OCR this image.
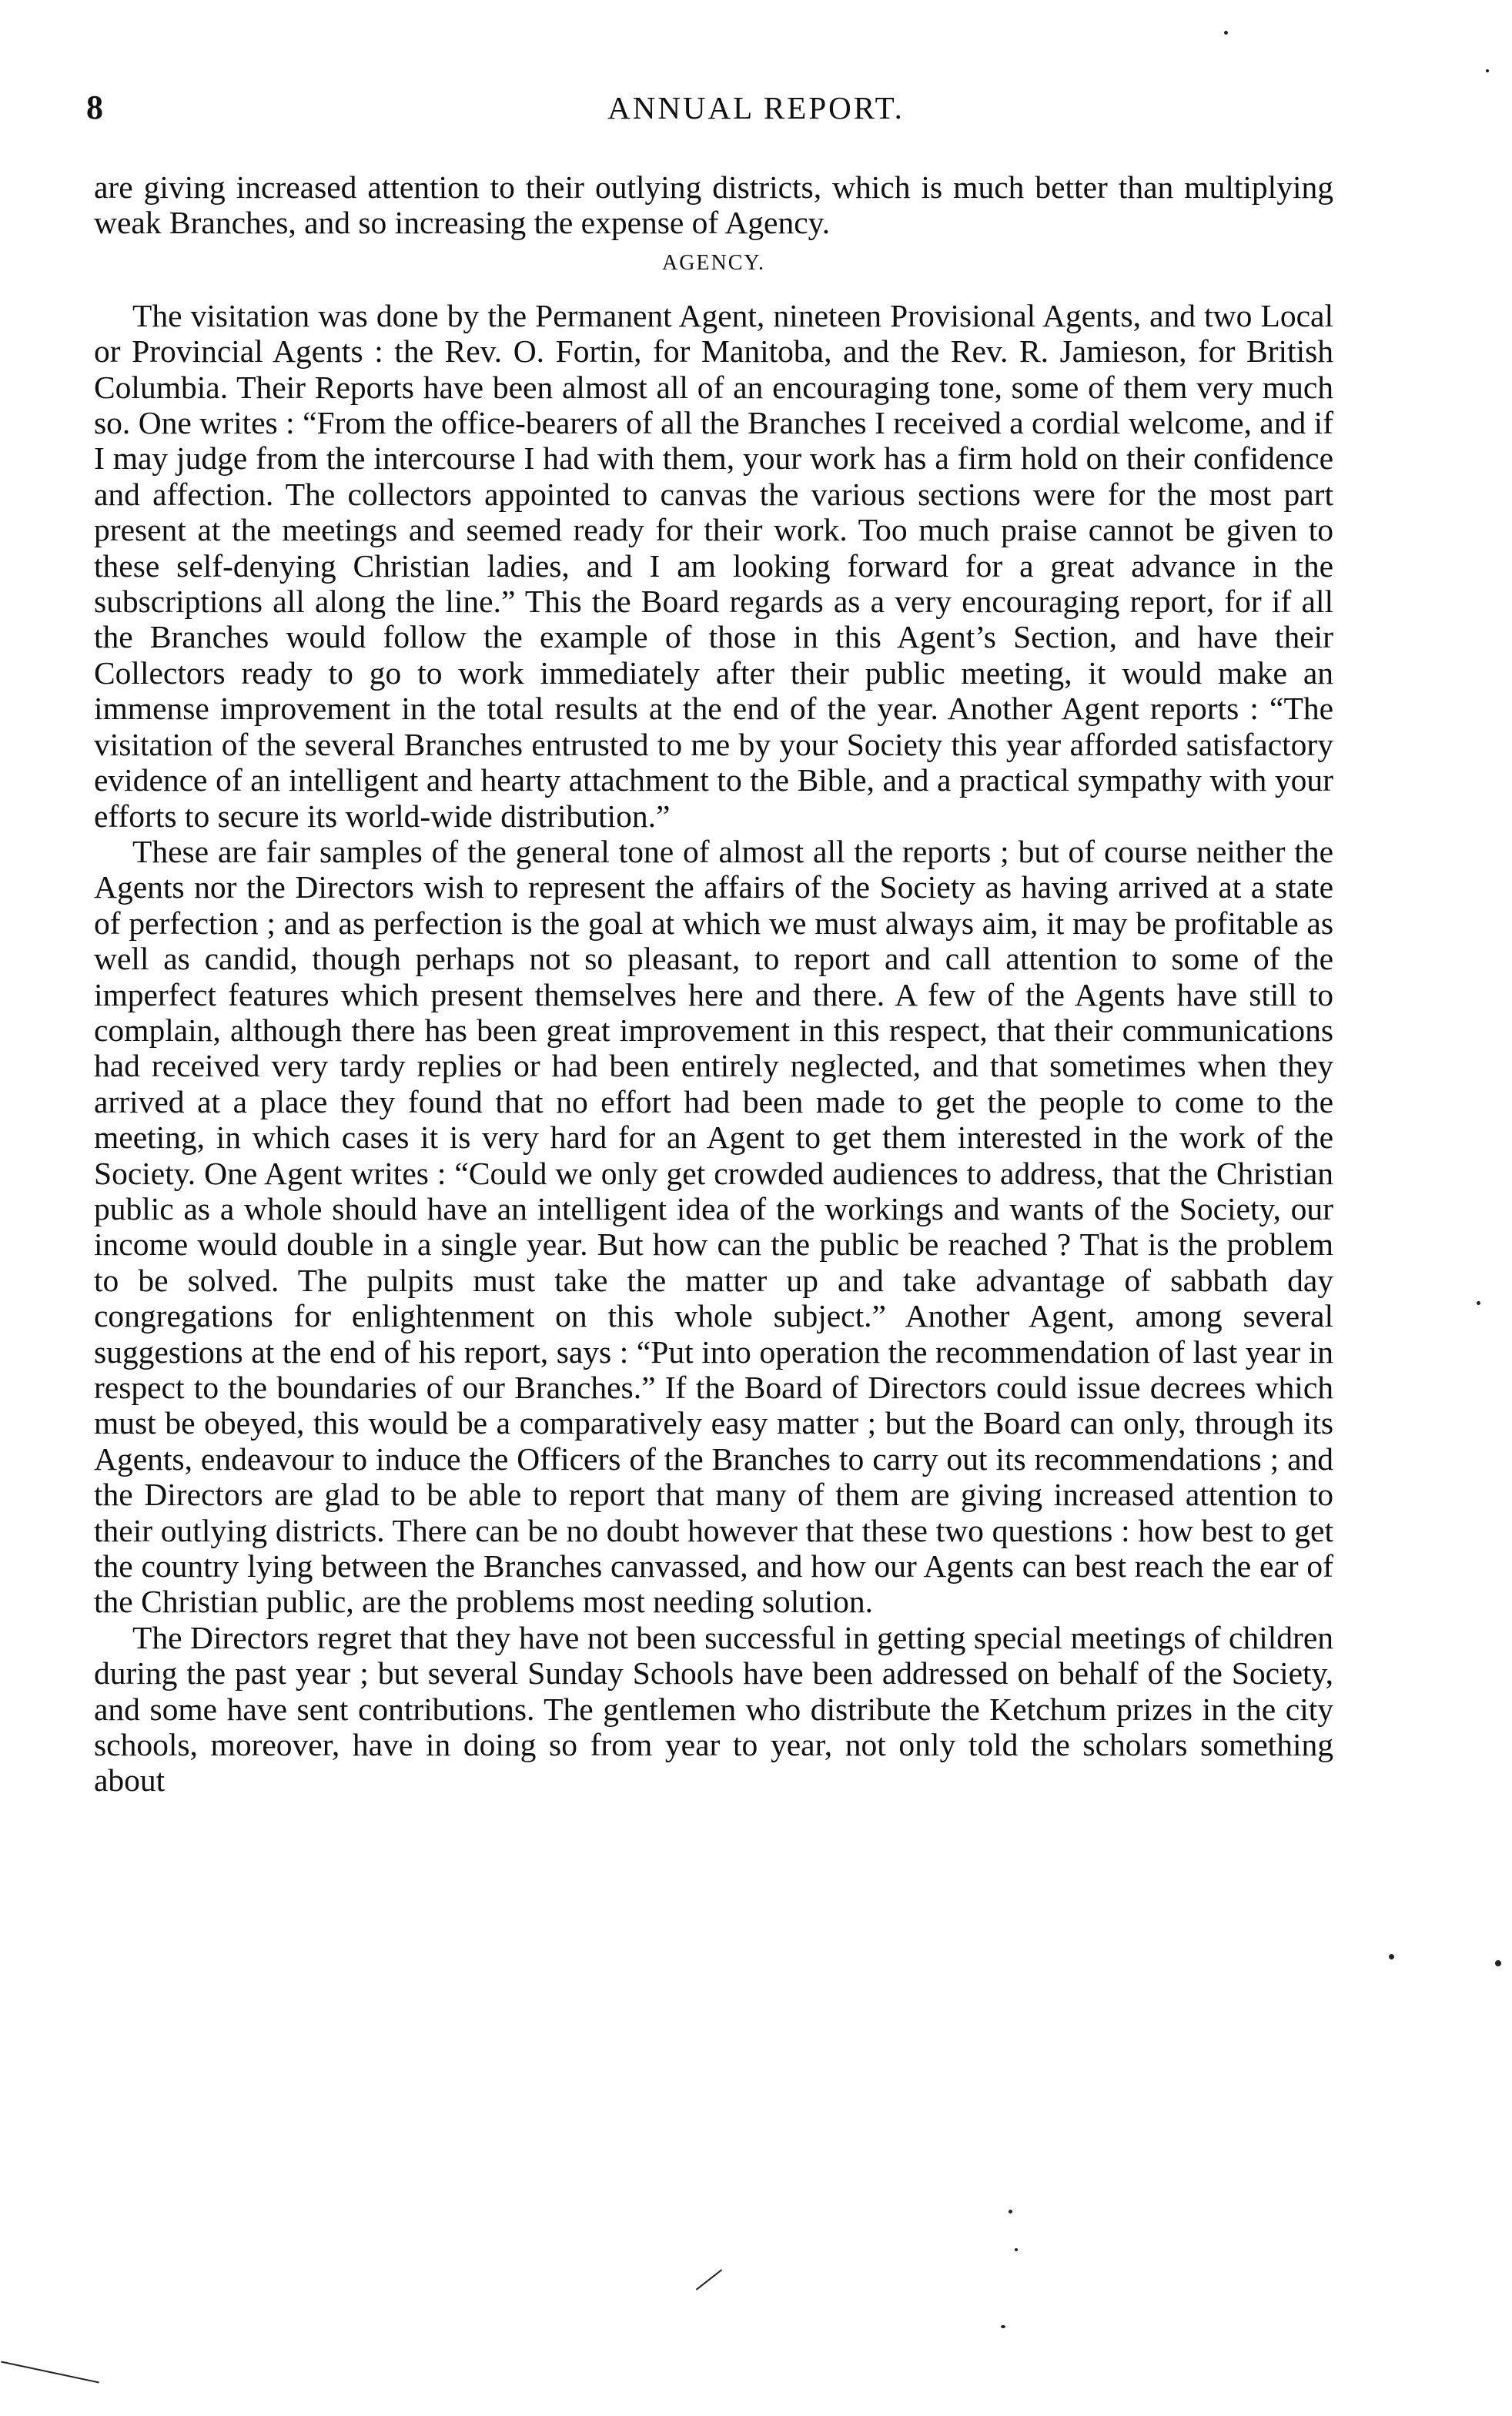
8	ANNUAL REPORT.

are giving increased attention to their outlying districts, which is much better than multiplying weak Branches, and so increasing the expense of Agency.

AGENCY.

The visitation was done by the Permanent Agent, nineteen Provisional Agents, and two Local or Provincial Agents : the Rev. O. Fortin, for Manitoba, and the Rev. R. Jamieson, for British Columbia. Their Reports have been almost all of an encouraging tone, some of them very much so. One writes : “From the office-bearers of all the Branches I received a cordial welcome, and if I may judge from the intercourse I had with them, your work has a firm hold on their confidence and affection. The collectors appointed to canvas the various sections were for the most part present at the meetings and seemed ready for their work. Too much praise cannot be given to these self-denying Christian ladies, and I am looking forward for a great advance in the subscriptions all along the line.” This the Board regards as a very encouraging report, for if all the Branches would follow the example of those in this Agent’s Section, and have their Collectors ready to go to work immediately after their public meeting, it would make an immense improvement in the total results at the end of the year. Another Agent reports : “The visitation of the several Branches entrusted to me by your Society this year afforded satisfactory evidence of an intelligent and hearty attachment to the Bible, and a practical sympathy with your efforts to secure its world-wide distribution.”

These are fair samples of the general tone of almost all the reports ; but of course neither the Agents nor the Directors wish to represent the affairs of the Society as having arrived at a state of perfection ; and as perfection is the goal at which we must always aim, it may be profitable as well as candid, though perhaps not so pleasant, to report and call attention to some of the imperfect features which present themselves here and there. A few of the Agents have still to complain, although there has been great improvement in this respect, that their communications had received very tardy replies or had been entirely neglected, and that sometimes when they arrived at a place they found that no effort had been made to get the people to come to the meeting, in which cases it is very hard for an Agent to get them interested in the work of the Society. One Agent writes : “Could we only get crowded audiences to address, that the Christian public as a whole should have an intelligent idea of the workings and wants of the Society, our income would double in a single year. But how can the public be reached ? That is the problem to be solved. The pulpits must take the matter up and take advantage of sabbath day congregations for enlightenment on this whole subject.” Another Agent, among several suggestions at the end of his report, says : “Put into operation the recommendation of last year in respect to the boundaries of our Branches.” If the Board of Directors could issue decrees which must be obeyed, this would be a comparatively easy matter ; but the Board can only, through its Agents, endeavour to induce the Officers of the Branches to carry out its recommendations ; and the Directors are glad to be able to report that many of them are giving increased attention to their outlying districts. There can be no doubt however that these two questions : how best to get the country lying between the Branches canvassed, and how our Agents can best reach the ear of the Christian public, are the problems most needing solution.

The Directors regret that they have not been successful in getting special meetings of children during the past year ; but several Sunday Schools have been addressed on behalf of the Society, and some have sent contributions. The gentlemen who distribute the Ketchum prizes in the city schools, moreover, have in doing so from year to year, not only told the scholars something about
